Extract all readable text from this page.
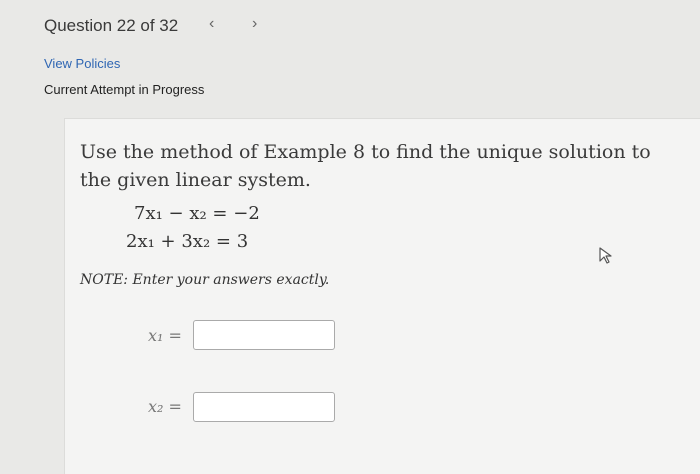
Question 22 of 32 ‹ ›
View Policies
Current Attempt in Progress
Use the method of Example 8 to find the unique solution to the given linear system.
7x₁ − x₂ = −2
2x₁ + 3x₂ = 3
NOTE: Enter your answers exactly.
x₁ =
x₂ =
